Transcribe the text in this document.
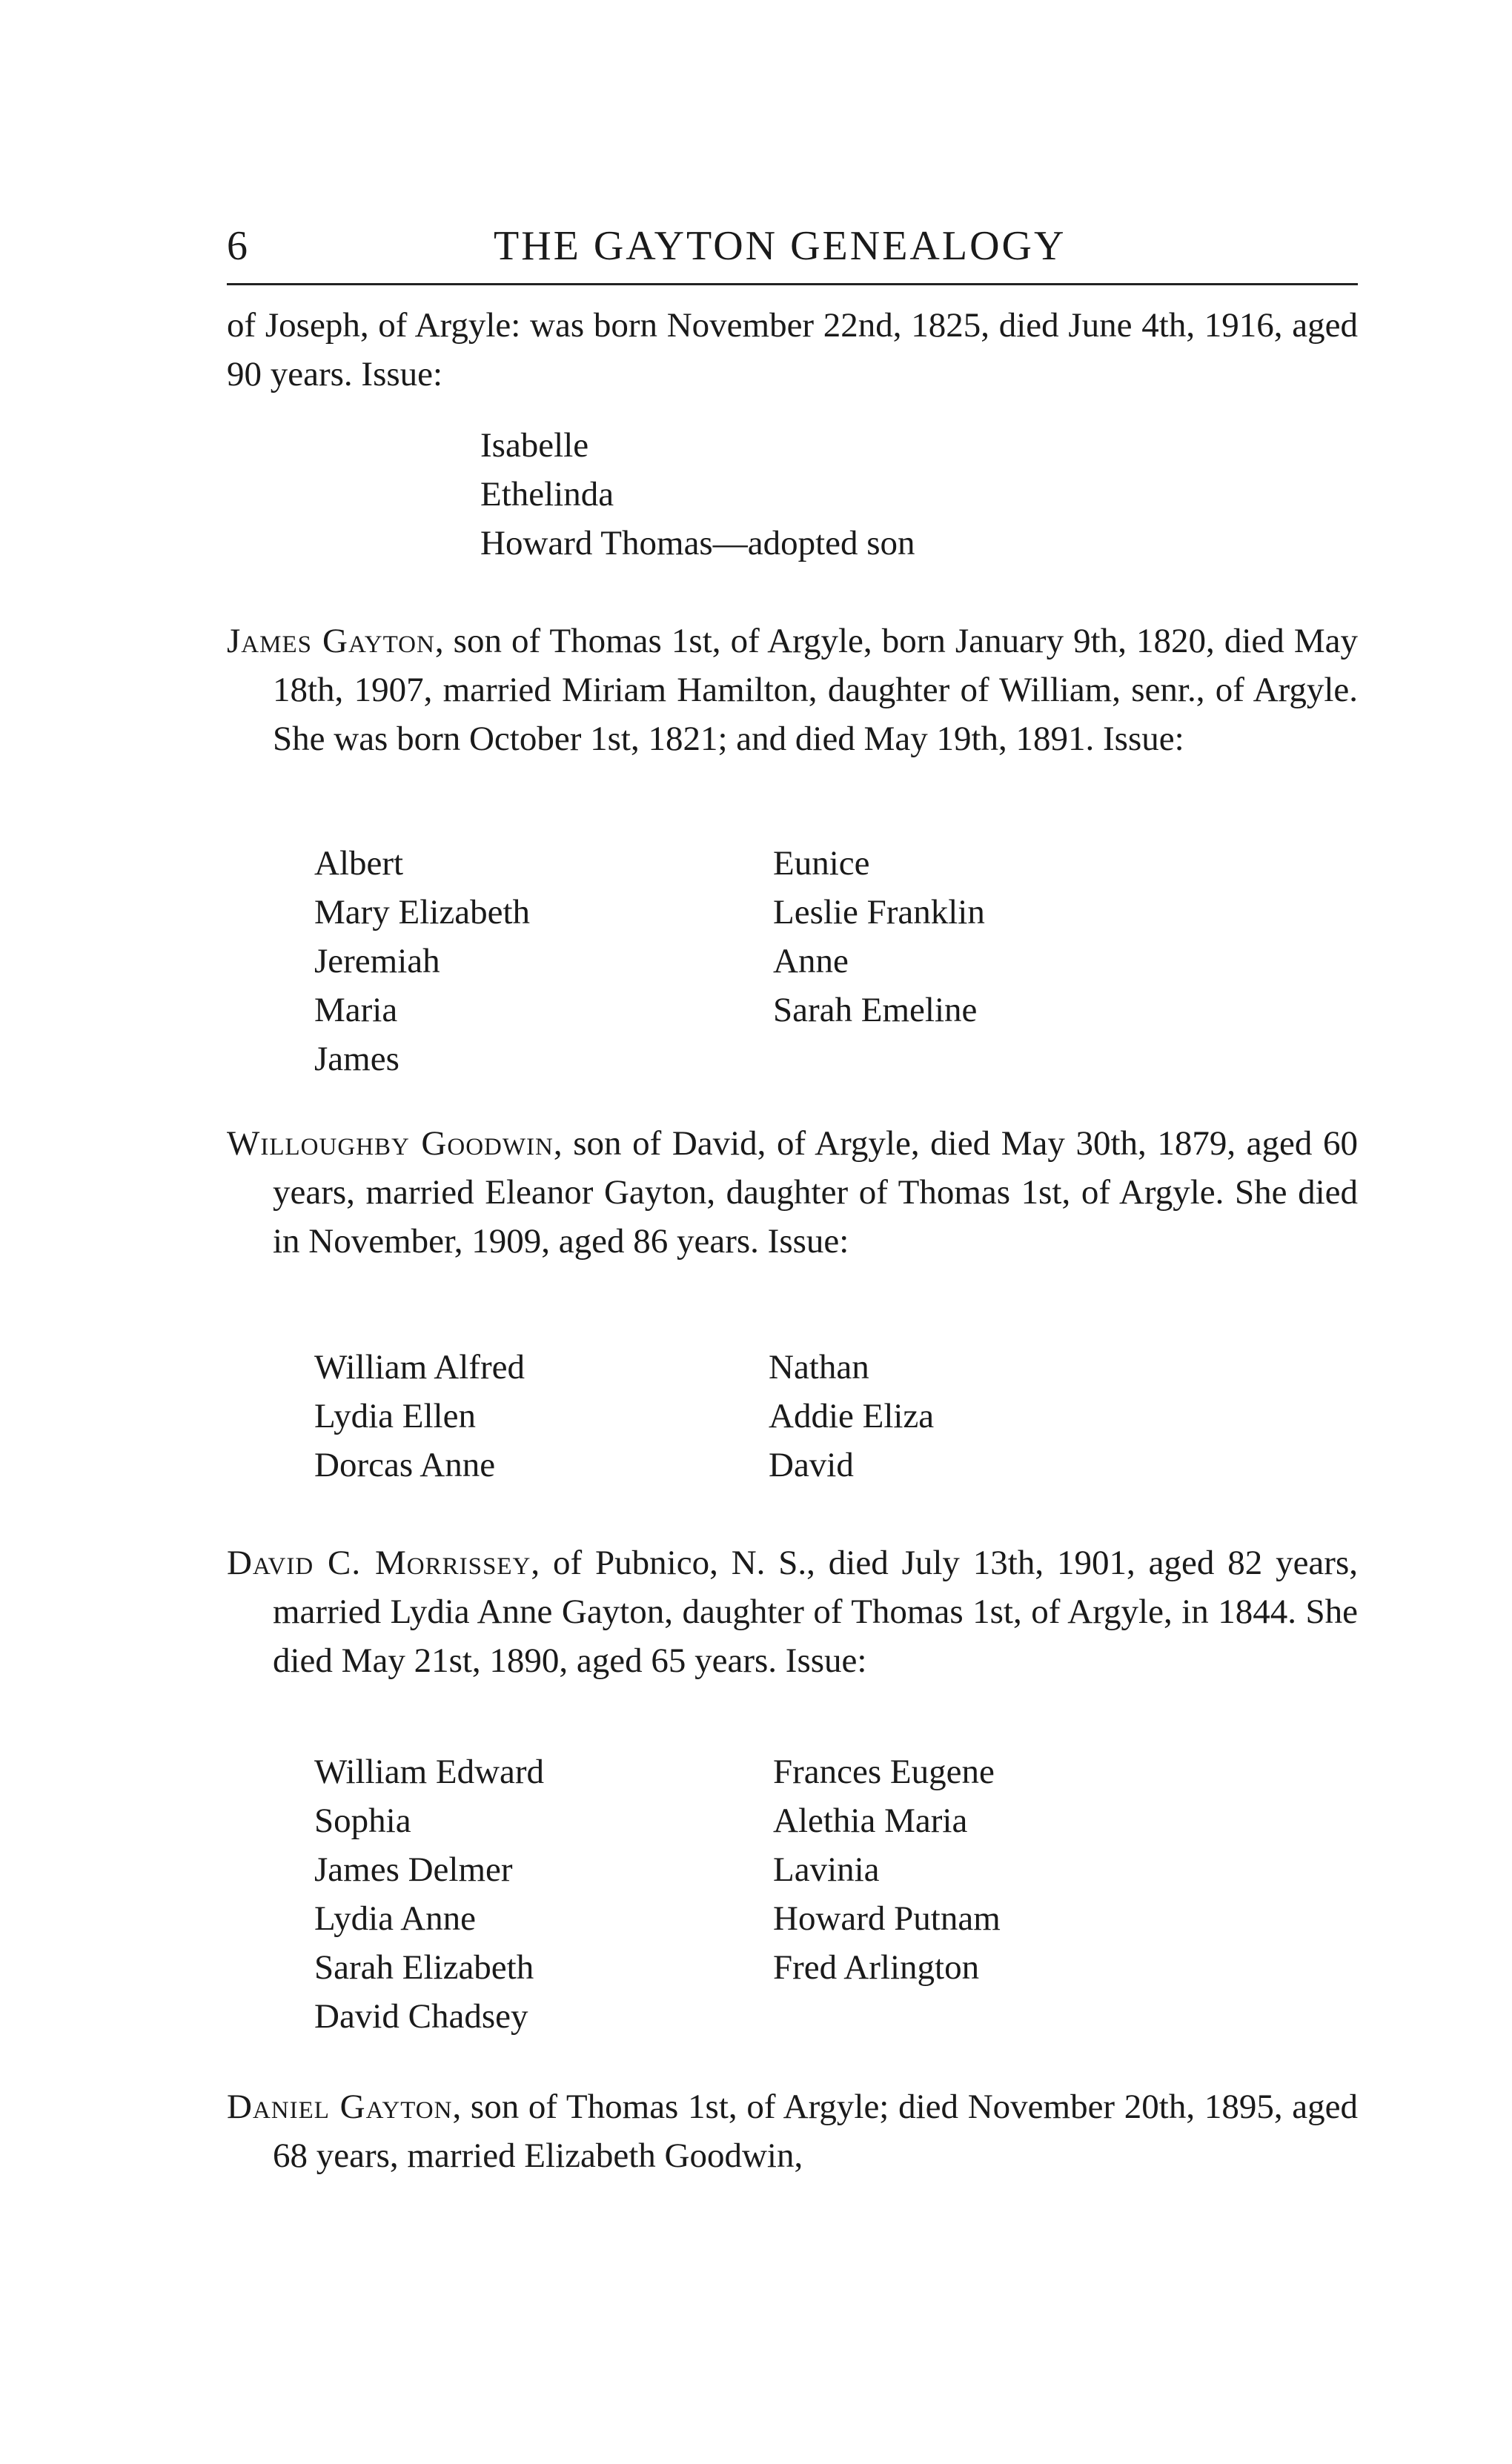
6	THE GAYTON GENEALOGY

of Joseph, of Argyle: was born November 22nd, 1825, died June 4th, 1916, aged 90 years. Issue:

Isabelle
Ethelinda
Howard Thomas—adopted son

James Gayton, son of Thomas 1st, of Argyle, born January 9th, 1820, died May 18th, 1907, married Miriam Hamilton, daughter of William, senr., of Argyle. She was born October 1st, 1821; and died May 19th, 1891. Issue:

Albert
Mary Elizabeth
Jeremiah
Maria
James
Eunice
Leslie Franklin
Anne
Sarah Emeline

Willoughby Goodwin, son of David, of Argyle, died May 30th, 1879, aged 60 years, married Eleanor Gayton, daughter of Thomas 1st, of Argyle. She died in November, 1909, aged 86 years. Issue:

William Alfred
Lydia Ellen
Dorcas Anne
Nathan
Addie Eliza
David

David C. Morrissey, of Pubnico, N. S., died July 13th, 1901, aged 82 years, married Lydia Anne Gayton, daughter of Thomas 1st, of Argyle, in 1844. She died May 21st, 1890, aged 65 years. Issue:

William Edward
Sophia
James Delmer
Lydia Anne
Sarah Elizabeth
David Chadsey
Frances Eugene
Alethia Maria
Lavinia
Howard Putnam
Fred Arlington

Daniel Gayton, son of Thomas 1st, of Argyle; died November 20th, 1895, aged 68 years, married Elizabeth Goodwin,
